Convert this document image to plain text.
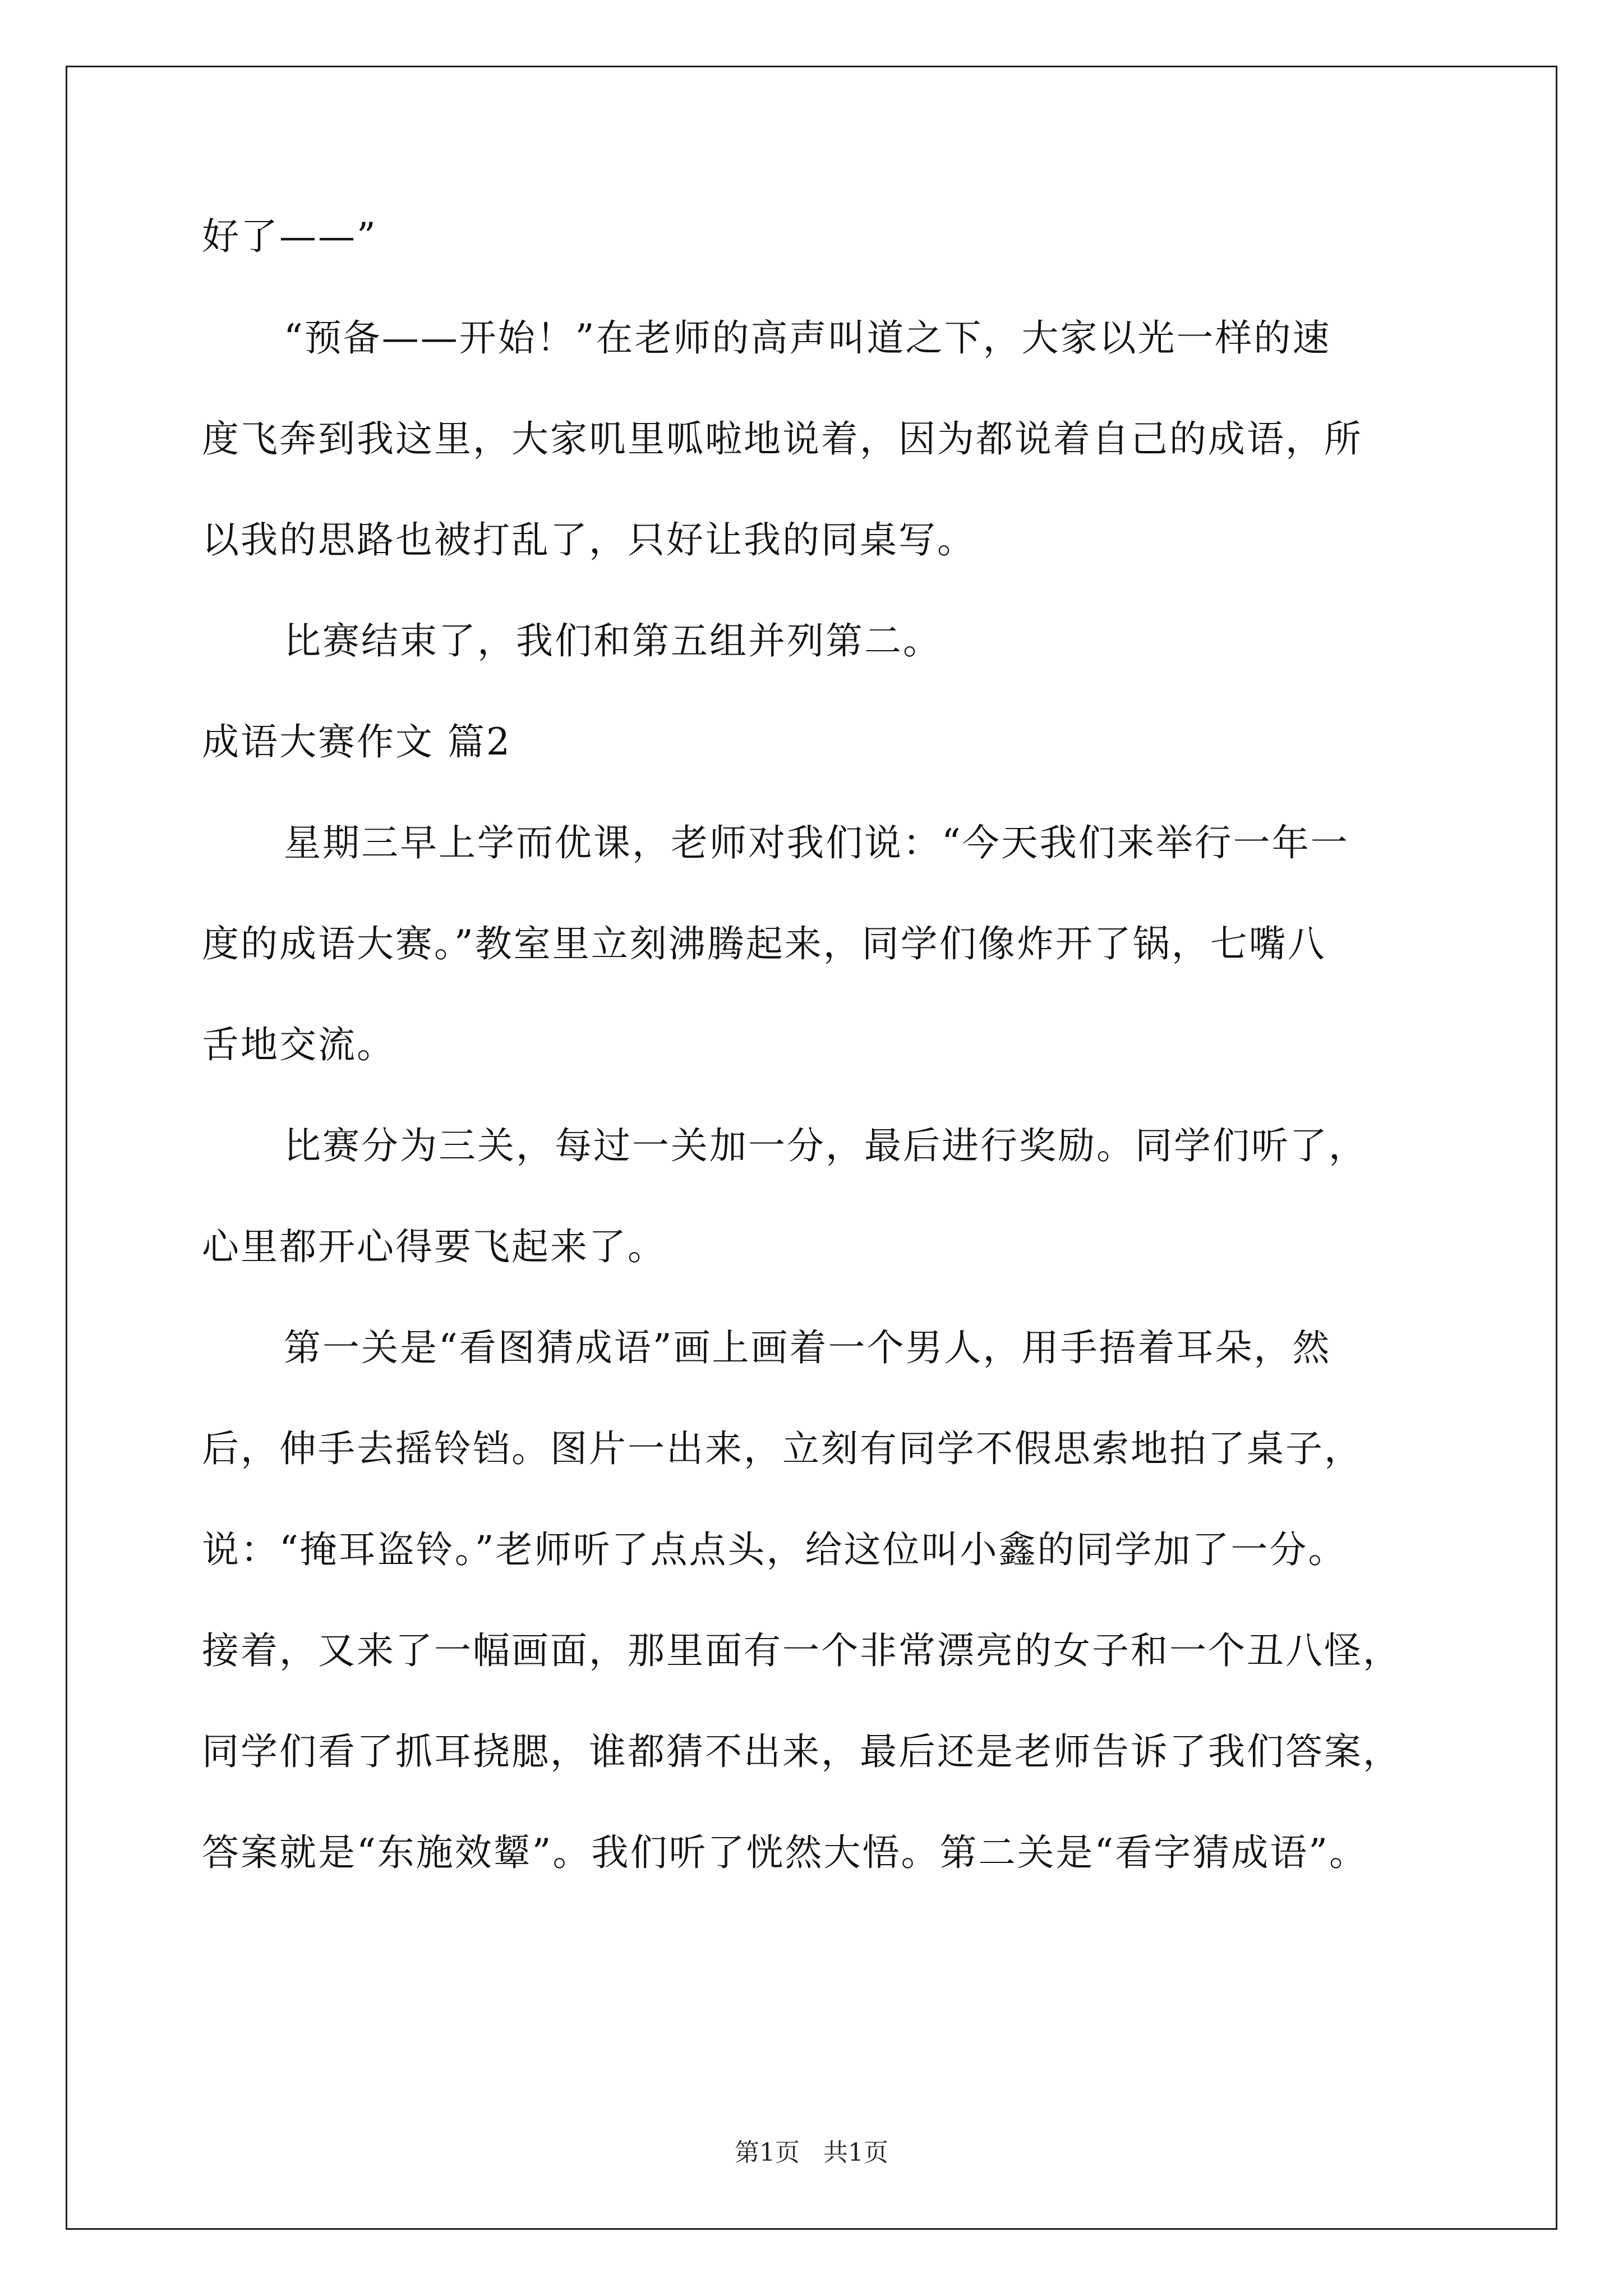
好了——”
“预备——开始！”在老师的高声叫道之下，大家以光一样的速
度飞奔到我这里，大家叽里呱啦地说着，因为都说着自己的成语，所
以我的思路也被打乱了，只好让我的同桌写。
比赛结束了，我们和第五组并列第二。
成语大赛作文 篇2
星期三早上学而优课，老师对我们说：“今天我们来举行一年一
度的成语大赛。”教室里立刻沸腾起来，同学们像炸开了锅，七嘴八
舌地交流。
比赛分为三关，每过一关加一分，最后进行奖励。同学们听了，
心里都开心得要飞起来了。
第一关是“看图猜成语”画上画着一个男人，用手捂着耳朵，然
后，伸手去摇铃铛。图片一出来，立刻有同学不假思索地拍了桌子，
说：“掩耳盗铃。”老师听了点点头，给这位叫小鑫的同学加了一分。
接着，又来了一幅画面，那里面有一个非常漂亮的女子和一个丑八怪，
同学们看了抓耳挠腮，谁都猜不出来，最后还是老师告诉了我们答案，
答案就是“东施效颦”。我们听了恍然大悟。第二关是“看字猜成语”。
第1页 共1页
